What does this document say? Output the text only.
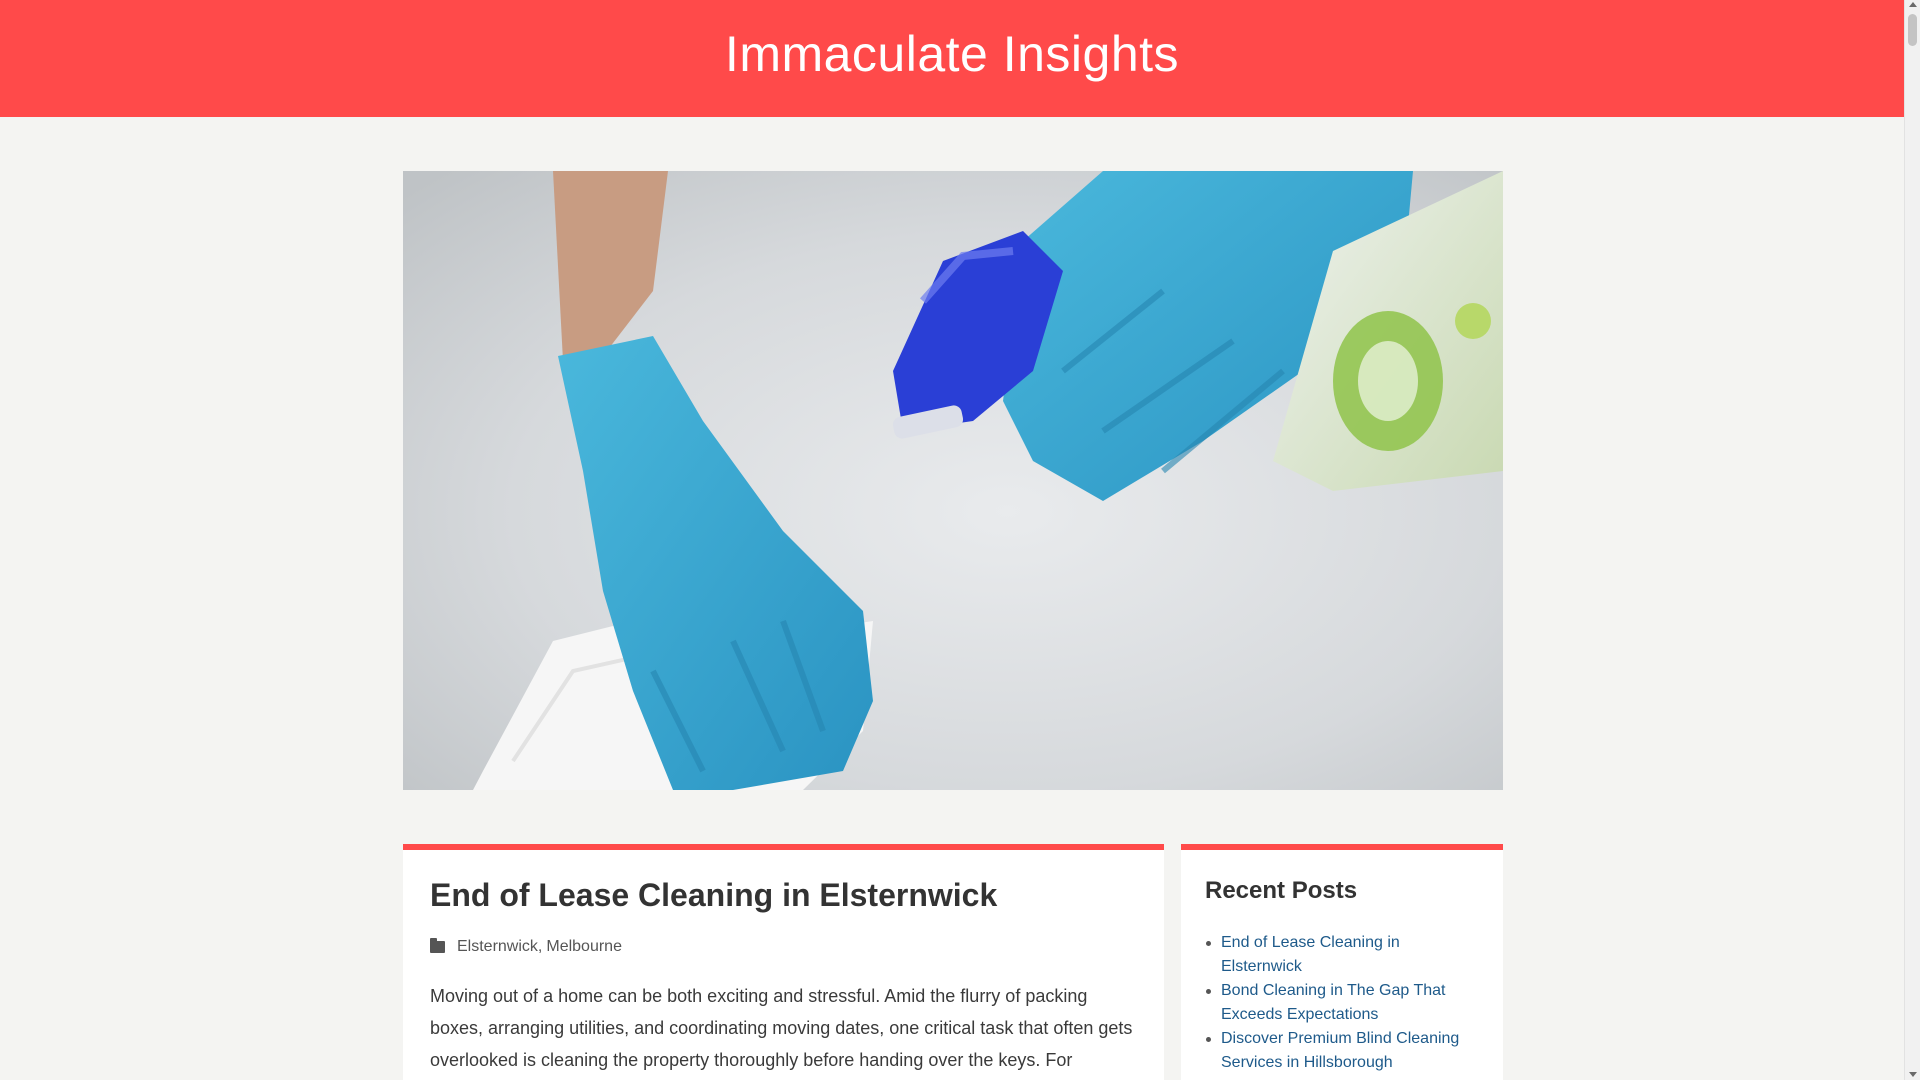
Immaculate Insights
End of Lease Cleaning in Elsternwick
Elsternwick , Melbourne

Moving out of a home can be both exciting and stressful. Amid the flurry of packing boxes, arranging utilities, and coordinating moving dates, one critical task that often gets overlooked is cleaning the property thoroughly before handing over the keys. For

Recent Posts
End of Lease Cleaning in Elsternwick
Bond Cleaning in The Gap That Exceeds Expectations
Discover Premium Blind Cleaning Services in Hillsborough
